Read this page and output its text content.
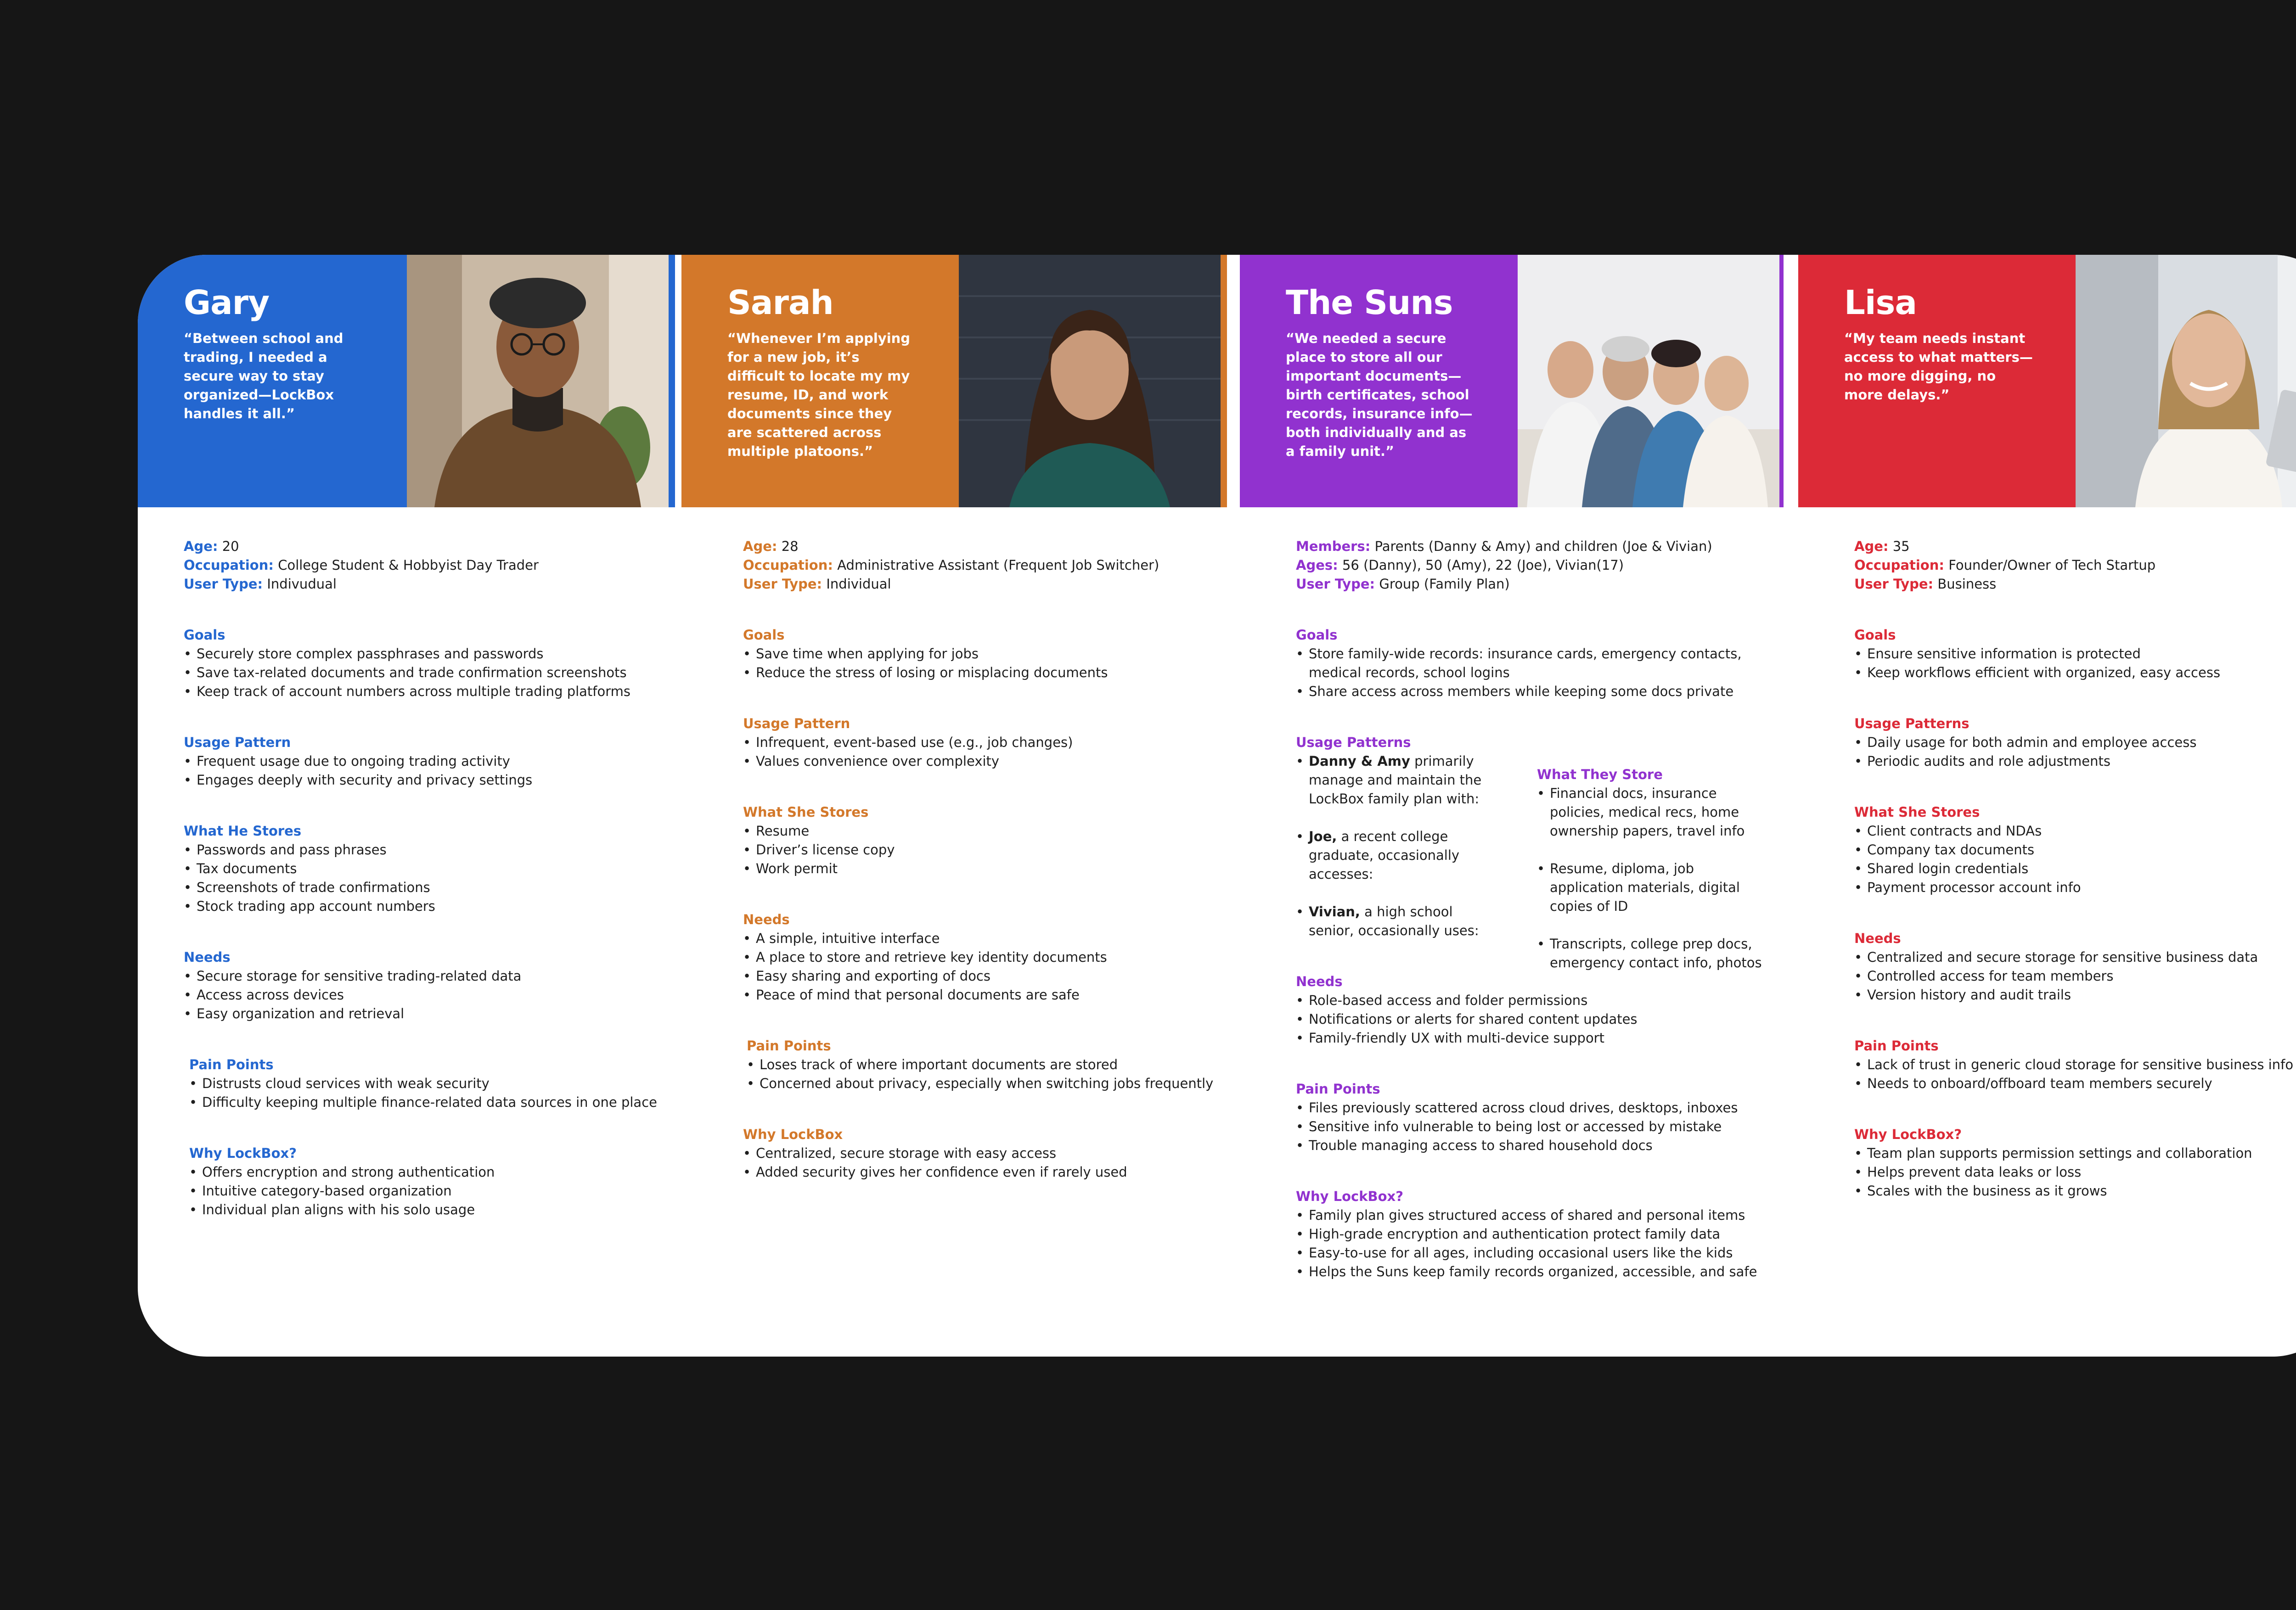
Gary
“Between school and
trading, I needed a
secure way to stay
organized—LockBox
handles it all.”
Sarah
“Whenever I’m applying
for a new job, it’s
difficult to locate my my
resume, ID, and work
documents since they
are scattered across
multiple platoons.”
The Suns
“We needed a secure
place to store all our
important documents—
birth certificates, school
records, insurance info—
both individually and as
a family unit.”
Lisa
“My team needs instant
access to what matters—
no more digging, no
more delays.”
Age: 20
Occupation: College Student & Hobbyist Day Trader
User Type: Indivudual
Goals
• Securely store complex passphrases and passwords
• Save tax-related documents and trade confirmation screenshots
• Keep track of account numbers across multiple trading platforms
Usage Pattern
• Frequent usage due to ongoing trading activity
• Engages deeply with security and privacy settings
What He Stores
• Passwords and pass phrases
• Tax documents
• Screenshots of trade confirmations
• Stock trading app account numbers
Needs
• Secure storage for sensitive trading-related data
• Access across devices
• Easy organization and retrieval
Pain Points
• Distrusts cloud services with weak security
• Difficulty keeping multiple finance-related data sources in one place
Why LockBox?
• Offers encryption and strong authentication
• Intuitive category-based organization
• Individual plan aligns with his solo usage
Age: 28
Occupation: Administrative Assistant (Frequent Job Switcher)
User Type: Individual
Goals
• Save time when applying for jobs
• Reduce the stress of losing or misplacing documents
Usage Pattern
• Infrequent, event-based use (e.g., job changes)
• Values convenience over complexity
What She Stores
• Resume
• Driver’s license copy
• Work permit
Needs
• A simple, intuitive interface
• A place to store and retrieve key identity documents
• Easy sharing and exporting of docs
• Peace of mind that personal documents are safe
Pain Points
• Loses track of where important documents are stored
• Concerned about privacy, especially when switching jobs frequently
Why LockBox
• Centralized, secure storage with easy access
• Added security gives her confidence even if rarely used
Members: Parents (Danny & Amy) and children (Joe & Vivian)
Ages: 56 (Danny), 50 (Amy), 22 (Joe), Vivian(17)
User Type: Group (Family Plan)
Goals
• Store family-wide records: insurance cards, emergency contacts,
medical records, school logins
• Share access across members while keeping some docs private
Usage Patterns
• Danny & Amy primarily
manage and maintain the
LockBox family plan with:
• Joe, a recent college
graduate, occasionally
accesses:
• Vivian, a high school
senior, occasionally uses:
What They Store
• Financial docs, insurance
policies, medical recs, home
ownership papers, travel info
• Resume, diploma, job
application materials, digital
copies of ID
• Transcripts, college prep docs,
emergency contact info, photos
Needs
• Role-based access and folder permissions
• Notifications or alerts for shared content updates
• Family-friendly UX with multi-device support
Pain Points
• Files previously scattered across cloud drives, desktops, inboxes
• Sensitive info vulnerable to being lost or accessed by mistake
• Trouble managing access to shared household docs
Why LockBox?
• Family plan gives structured access of shared and personal items
• High-grade encryption and authentication protect family data
• Easy-to-use for all ages, including occasional users like the kids
• Helps the Suns keep family records organized, accessible, and safe
Age: 35
Occupation: Founder/Owner of Tech Startup
User Type: Business
Goals
• Ensure sensitive information is protected
• Keep workflows efficient with organized, easy access
Usage Patterns
• Daily usage for both admin and employee access
• Periodic audits and role adjustments
What She Stores
• Client contracts and NDAs
• Company tax documents
• Shared login credentials
• Payment processor account info
Needs
• Centralized and secure storage for sensitive business data
• Controlled access for team members
• Version history and audit trails
Pain Points
• Lack of trust in generic cloud storage for sensitive business info
• Needs to onboard/offboard team members securely
Why LockBox?
• Team plan supports permission settings and collaboration
• Helps prevent data leaks or loss
• Scales with the business as it grows
